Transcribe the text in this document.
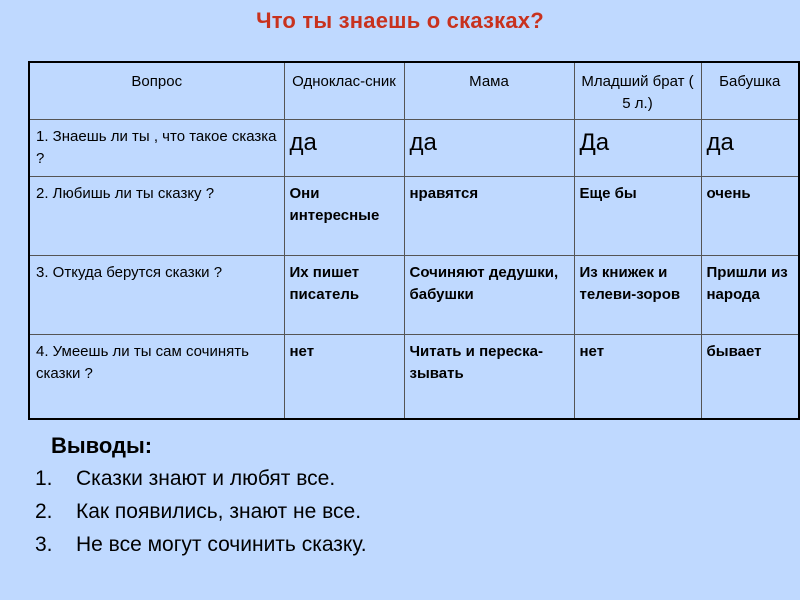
Что ты знаешь о сказках?
Вопрос	Одноклас-сник	Мама	Младший брат ( 5 л.)	Бабушка
1. Знаешь ли ты , что такое сказка ?	да	да	Да	да
2. Любишь ли ты сказку ?	Они интересные	нравятся	Еще бы	очень
3. Откуда берутся сказки ?	Их пишет писатель	Сочиняют дедушки, бабушки	Из книжек и телеви-зоров	Пришли из народа
4. Умеешь ли ты сам сочинять сказки ?	нет	Читать и переска-зывать	нет	бывает
Выводы:
1.	Сказки знают и любят все.
2.	Как появились, знают не все.
3.	Не все могут сочинить сказку.
